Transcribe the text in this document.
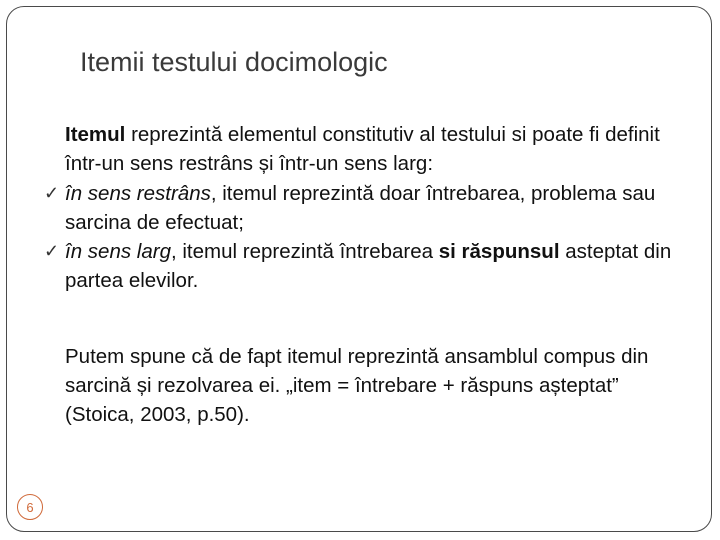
Itemii testului docimologic
Itemul reprezintă elementul constitutiv al testului si poate fi definit într-un sens restrâns și într-un sens larg:
✓ în sens restrâns, itemul reprezintă doar întrebarea, problema sau sarcina de efectuat;
✓ în sens larg, itemul reprezintă întrebarea si răspunsul asteptat din partea elevilor.
Putem spune că de fapt itemul reprezintă ansamblul compus din sarcină și rezolvarea ei. „item = întrebare + răspuns așteptat” (Stoica, 2003, p.50).
6
